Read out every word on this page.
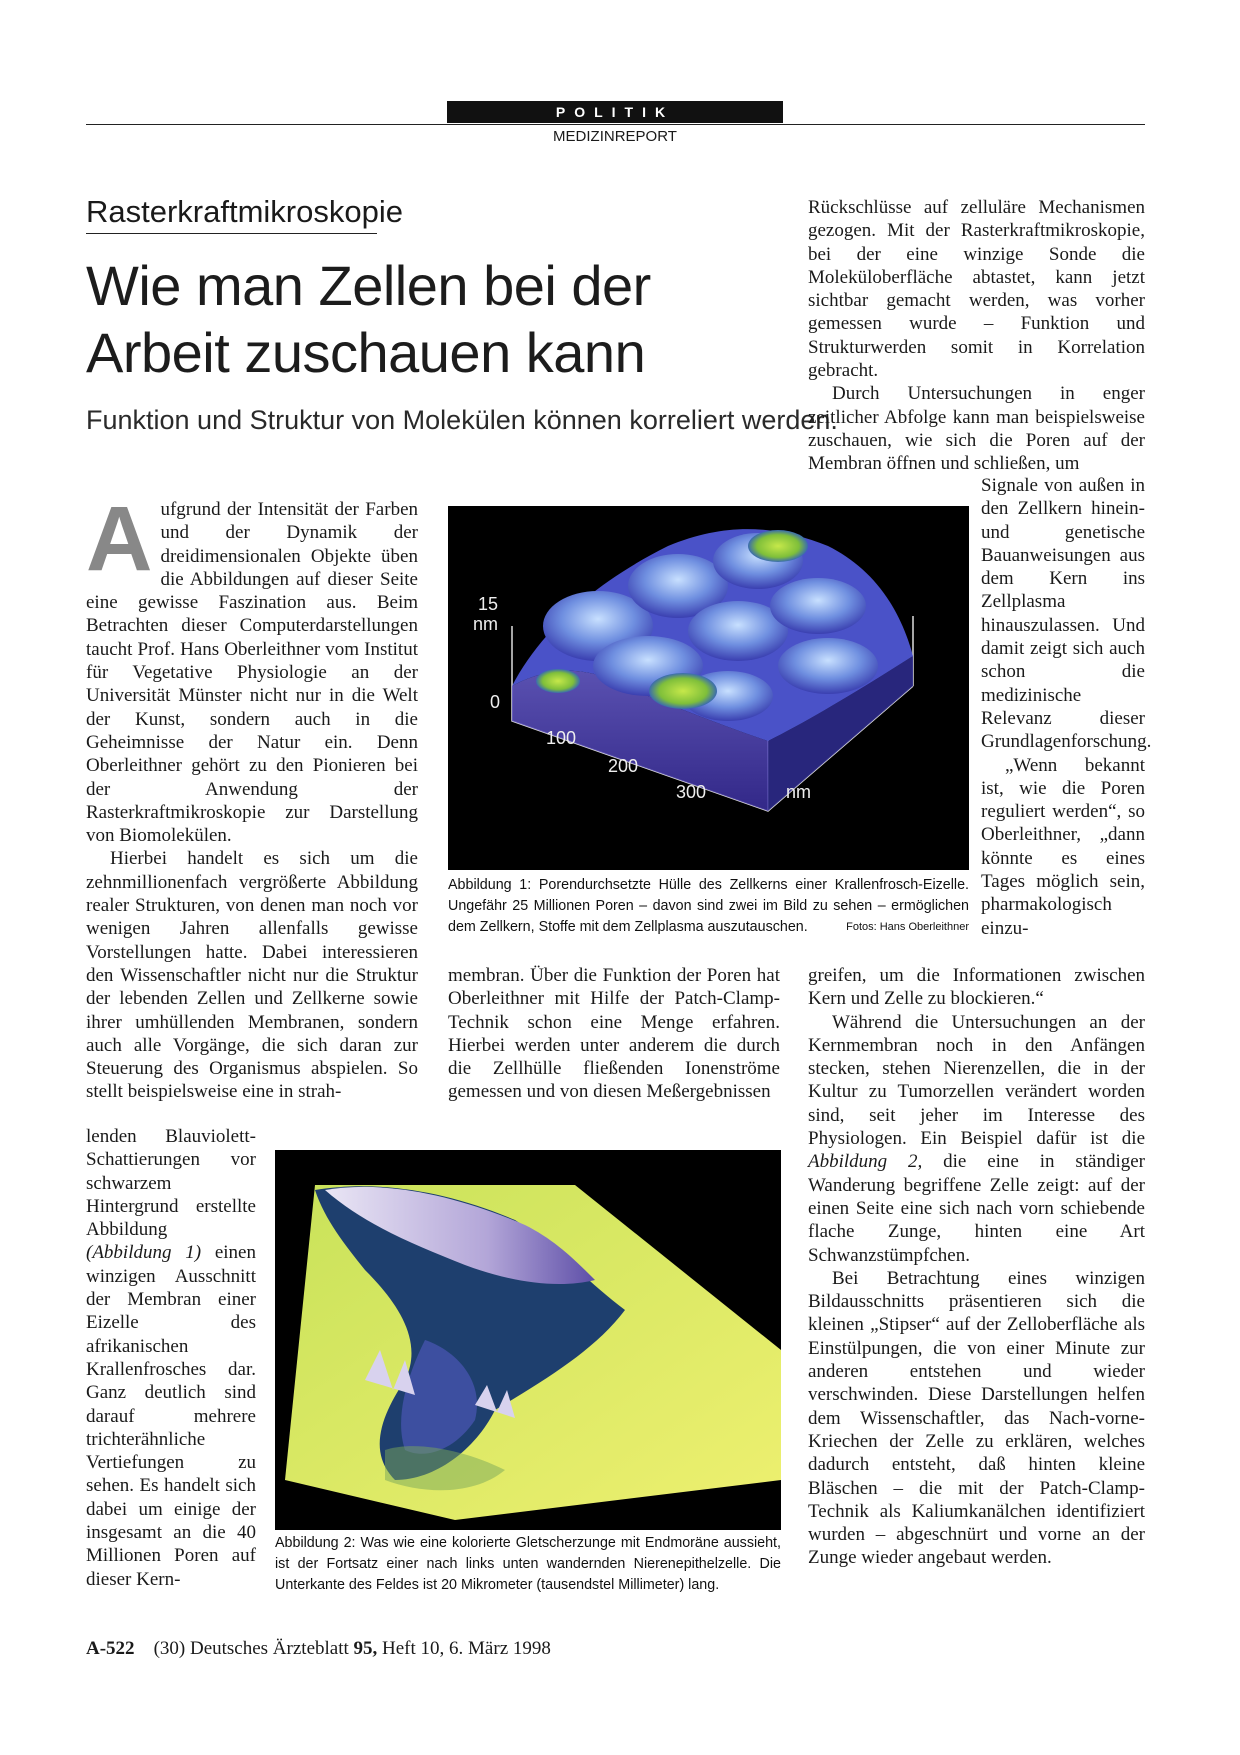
POLITIK
MEDIZINREPORT
Rasterkraftmikroskopie
Wie man Zellen bei der
Arbeit zuschauen kann
Funktion und Struktur von Molekülen können korreliert werden.

Aufgrund der Intensität der Farben und der Dynamik der dreidimensionalen Objekte üben die Abbildungen auf dieser Seite eine gewisse Faszination aus. Beim Betrachten dieser Computerdarstellungen taucht Prof. Hans Oberleithner vom Institut für Vegetative Physiologie an der Universität Münster nicht nur in die Welt der Kunst, sondern auch in die Geheimnisse der Natur ein. Denn Oberleithner gehört zu den Pionieren bei der Anwendung der Rasterkraftmikroskopie zur Darstellung von Biomolekülen.

Hierbei handelt es sich um die zehnmillionenfach vergrößerte Abbildung realer Strukturen, von denen man noch vor wenigen Jahren allenfalls gewisse Vorstellungen hatte. Dabei interessieren den Wissenschaftler nicht nur die Struktur der lebenden Zellen und Zellkerne sowie ihrer umhüllenden Membranen, sondern auch alle Vorgänge, die sich daran zur Steuerung des Organismus abspielen. So stellt beispielsweise eine in strah-

lenden Blauviolett-Schattierungen vor schwarzem Hintergrund erstellte Abbildung (Abbildung 1) einen winzigen Ausschnitt der Membran einer Eizelle des afrikanischen Krallenfrosches dar. Ganz deutlich sind darauf mehrere trichterähnliche Vertiefungen zu sehen. Es handelt sich dabei um einige der insgesamt an die 40 Millionen Poren auf dieser Kern-

membran. Über die Funktion der Poren hat Oberleithner mit Hilfe der Patch-Clamp-Technik schon eine Menge erfahren. Hierbei werden unter anderem die durch die Zellhülle fließenden Ionenströme gemessen und von diesen Meßergebnissen

Rückschlüsse auf zelluläre Mechanismen gezogen. Mit der Rasterkraftmikroskopie, bei der eine winzige Sonde die Moleküloberfläche abtastet, kann jetzt sichtbar gemacht werden, was vorher gemessen wurde – Funktion und Strukturwerden somit in Korrelation gebracht.

Durch Untersuchungen in enger zeitlicher Abfolge kann man beispielsweise zuschauen, wie sich die Poren auf der Membran öffnen und schließen, um

Signale von außen in den Zellkern hinein- und genetische Bauanweisungen aus dem Kern ins Zellplasma hinauszulassen. Und damit zeigt sich auch schon die medizinische Relevanz dieser Grundlagenforschung.

„Wenn bekannt ist, wie die Poren reguliert werden“, so Oberleithner, „dann könnte es eines Tages möglich sein, pharmakologisch einzu-

greifen, um die Informationen zwischen Kern und Zelle zu blockieren.“

Während die Untersuchungen an der Kernmembran noch in den Anfängen stecken, stehen Nierenzellen, die in der Kultur zu Tumorzellen verändert worden sind, seit jeher im Interesse des Physiologen. Ein Beispiel dafür ist die Abbildung 2, die eine in ständiger Wanderung begriffene Zelle zeigt: auf der einen Seite eine sich nach vorn schiebende flache Zunge, hinten eine Art Schwanzstümpfchen.

Bei Betrachtung eines winzigen Bildausschnitts präsentieren sich die kleinen „Stipser“ auf der Zelloberfläche als Einstülpungen, die von einer Minute zur anderen entstehen und wieder verschwinden. Diese Darstellungen helfen dem Wissenschaftler, das Nach-vorne-Kriechen der Zelle zu erklären, welches dadurch entsteht, daß hinten kleine Bläschen – die mit der Patch-Clamp-Technik als Kaliumkanälchen identifiziert wurden – abgeschnürt und vorne an der Zunge wieder angebaut werden.

15
nm
0
100
200
300	nm
Abbildung 1: Porendurchsetzte Hülle des Zellkerns einer Krallenfrosch-Eizelle. Ungefähr 25 Millionen Poren – davon sind zwei im Bild zu sehen – ermöglichen dem Zellkern, Stoffe mit dem Zellplasma auszutauschen.	Fotos: Hans Oberleithner
Abbildung 2: Was wie eine kolorierte Gletscherzunge mit Endmoräne aussieht, ist der Fortsatz einer nach links unten wandernden Nierenepithelzelle. Die Unterkante des Feldes ist 20 Mikrometer (tausendstel Millimeter) lang.
A-522 (30) Deutsches Ärzteblatt 95, Heft 10, 6. März 1998
